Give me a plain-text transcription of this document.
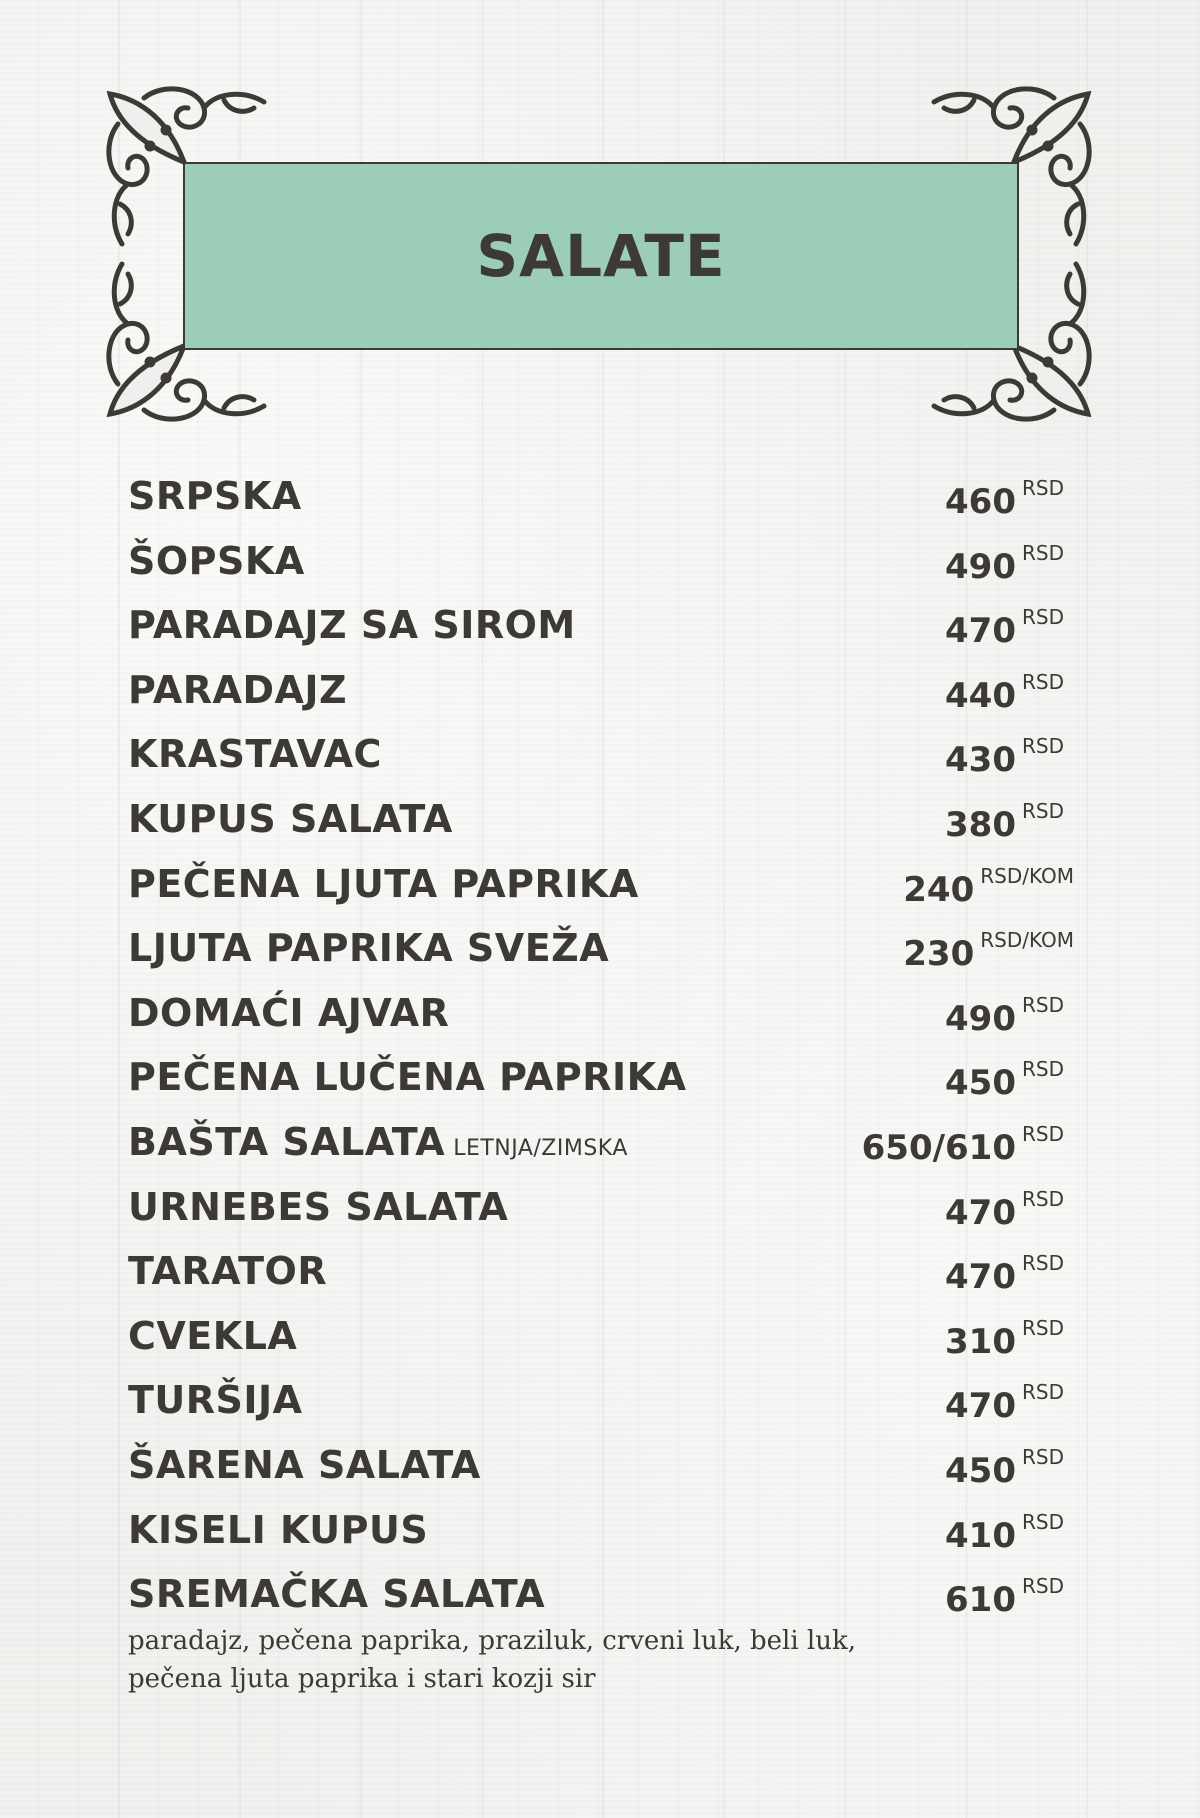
SALATE
SRPSKA	460 RSD
ŠOPSKA	490 RSD
PARADAJZ SA SIROM	470 RSD
PARADAJZ	440 RSD
KRASTAVAC	430 RSD
KUPUS SALATA	380 RSD
PEČENA LJUTA PAPRIKA	240 RSD/KOM
LJUTA PAPRIKA SVEŽA	230 RSD/KOM
DOMAĆI AJVAR	490 RSD
PEČENA LUČENA PAPRIKA	450 RSD
BAŠTA SALATA LETNJA/ZIMSKA	650/610 RSD
URNEBES SALATA	470 RSD
TARATOR	470 RSD
CVEKLA	310 RSD
TURŠIJA	470 RSD
ŠARENA SALATA	450 RSD
KISELI KUPUS	410 RSD
SREMAČKA SALATA	610 RSD

paradajz, pečena paprika, praziluk, crveni luk, beli luk,
pečena ljuta paprika i stari kozji sir
